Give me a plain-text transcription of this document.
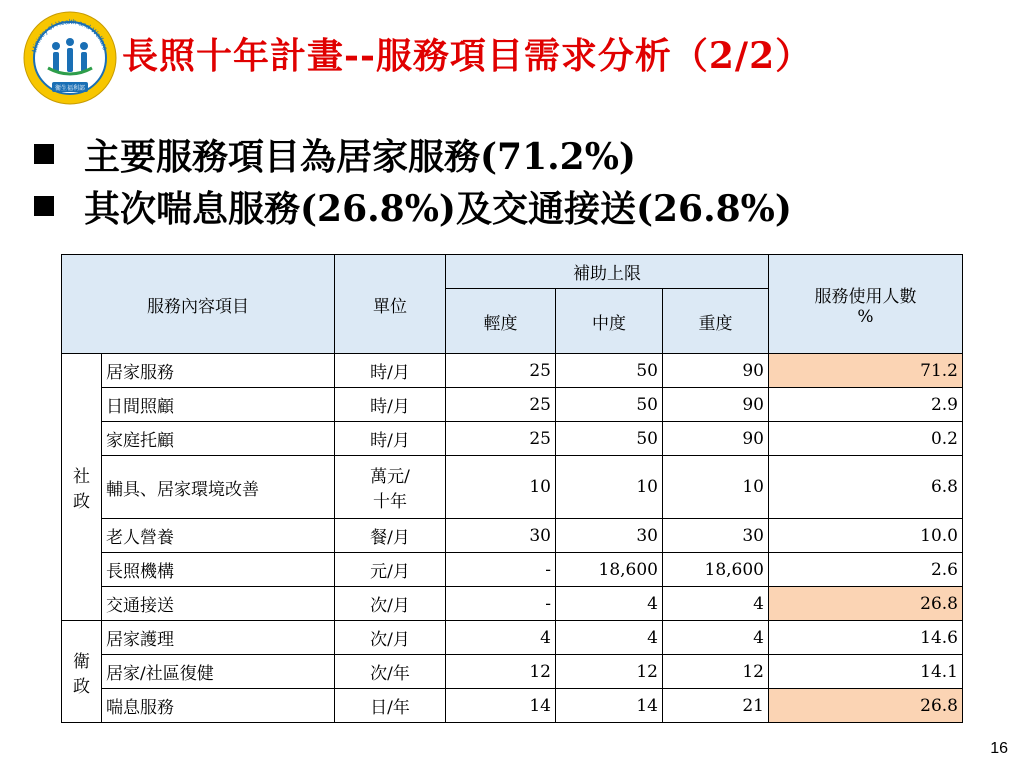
Ministry of Health and Welfare
衛生福利部
長照十年計畫--服務項目需求分析（2/2）
主要服務項目為居家服務(71.2%)
其次喘息服務(26.8%)及交通接送(26.8%)
服務內容項目		單位	補助上限			服務使用人數
%

			輕度	中度	重度	
社政	居家服務	時/月	25	50	90	71.2
	日間照顧	時/月	25	50	90	2.9
	家庭托顧	時/月	25	50	90	0.2
	輔具、居家環境改善	萬元/
十年	10	10	10	6.8
	老人營養	餐/月	30	30	30	10.0
	長照機構	元/月	-	18,600	18,600	2.6
	交通接送	次/月	-	4	4	26.8
衛政	居家護理	次/月	4	4	4	14.6
	居家/社區復健	次/年	12	12	12	14.1
	喘息服務	日/年	14	14	21	26.8
16
